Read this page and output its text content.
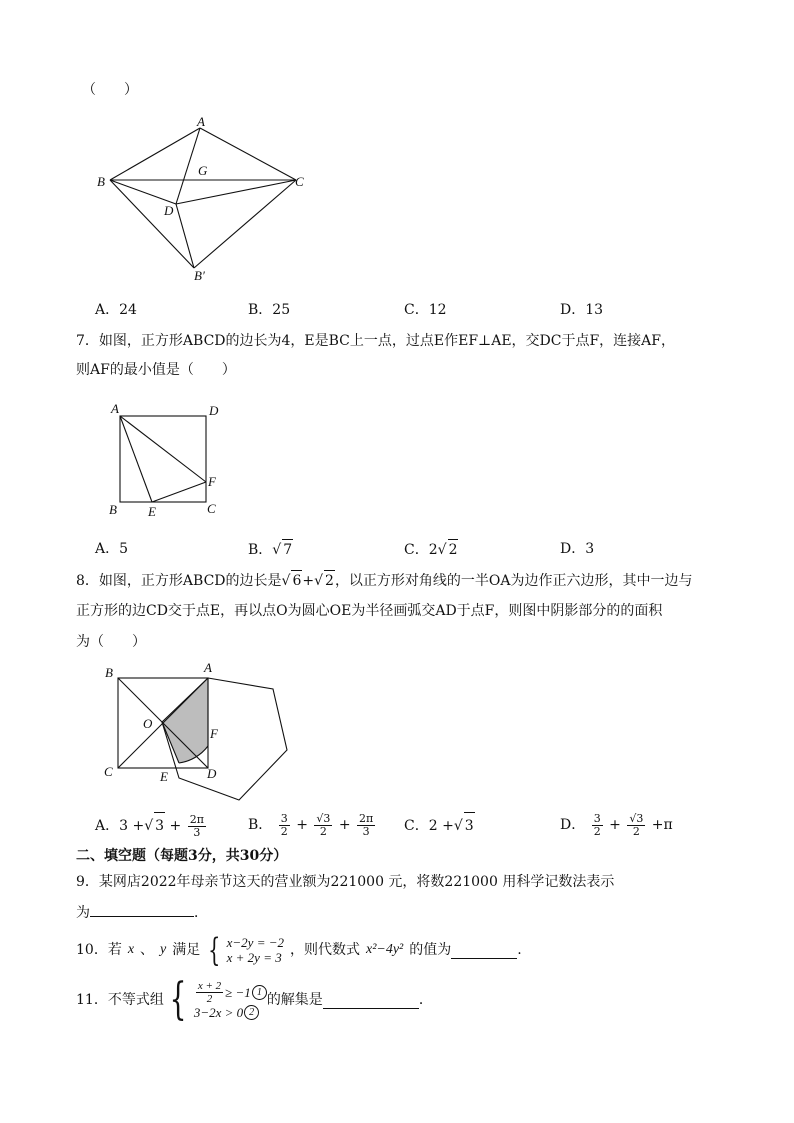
（　　）
A
B	C
D
G
B′
A．24	B．25	C．12	D．13
7．如图，正方形ABCD的边长为4，E是BC上一点，过点E作EF⊥AE，交DC于点F，连接AF，
则AF的最小值是（　　）
A	D
B E	C
F
A．5	B．√ 7	C．2√ 2	D．3
8．如图，正方形ABCD的边长是√ 6+√ 2，以正方形对角线的一半OA为边作正六边形，其中一边与
正方形的边CD交于点E，再以点O为圆心OE为半径画弧交AD于点F，则图中阴影部分的的面积
为（　　）
B	A
O
F
C	E	D
A．3 +√ $3 + \frac{2\pi}{3}$	B． $\frac{3}{2} + \frac{√3}{2} + \frac{2\pi}{3}$ C．2 +√ 3	D． $\frac{3}{2} + \frac{√3}{2} +\pi$
二、填空题（每题3分，共30分）
9．某网店2022年母亲节这天的营业额为221000 元，将数221000 用科学记数法表示
为	．
10．若 x 、 y 满足 { x−2y = −2
x + 2y = 3 ，则代数式 x²−4y² 的值为	.
11．不等式组 { $\frac{x + 2}{2} \ge -1$ 1
3−2x > 0 2
的解集是	．
